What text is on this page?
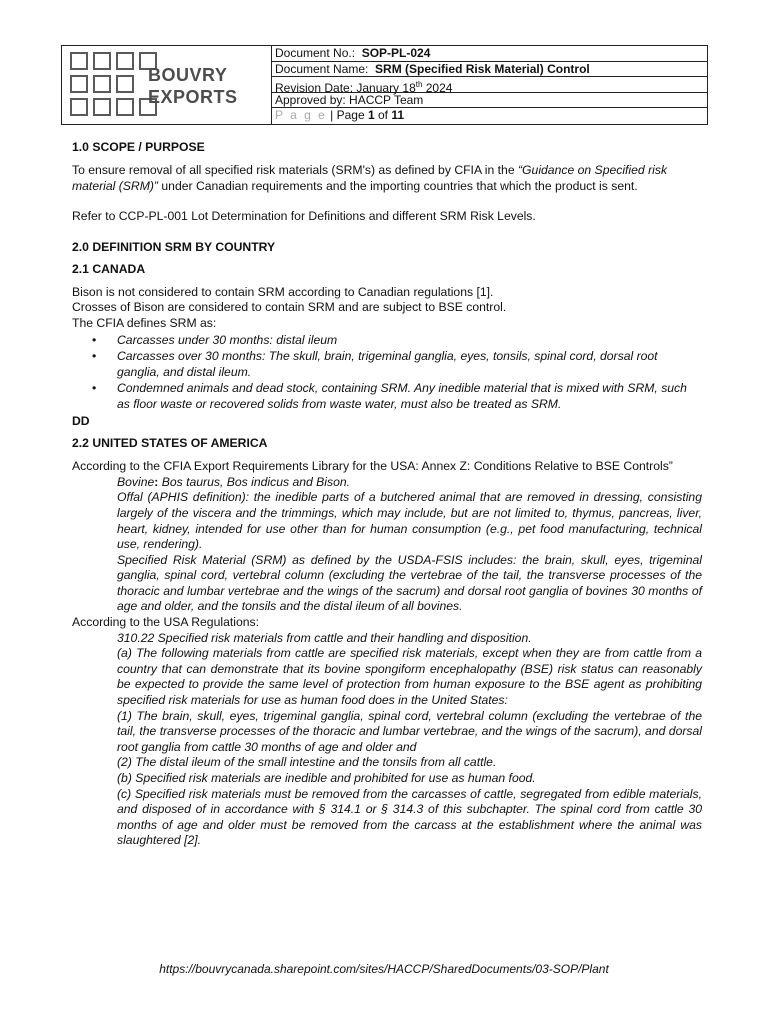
BOUVRY
EXPORTS
Document No.: SOP-PL-024
Document Name: SRM (Specified Risk Material) Control
Revision Date: January 18th 2024
Approved by: HACCP Team
P a g e | Page 1 of 11
1.0 SCOPE / PURPOSE

To ensure removal of all specified risk materials (SRM's) as defined by CFIA in the “Guidance on Specified risk material (SRM)” under Canadian requirements and the importing countries that which the product is sent.

Refer to CCP-PL-001 Lot Determination for Definitions and different SRM Risk Levels.

2.0 DEFINITION SRM BY COUNTRY
2.1 CANADA

Bison is not considered to contain SRM according to Canadian regulations [1].

Crosses of Bison are considered to contain SRM and are subject to BSE control.

The CFIA defines SRM as:

• Carcasses under 30 months: distal ileum
• Carcasses over 30 months: The skull, brain, trigeminal ganglia, eyes, tonsils, spinal cord, dorsal root ganglia, and distal ileum.
• Condemned animals and dead stock, containing SRM. Any inedible material that is mixed with SRM, such as floor waste or recovered solids from waste water, must also be treated as SRM.

DD

2.2 UNITED STATES OF AMERICA

According to the CFIA Export Requirements Library for the USA: Annex Z: Conditions Relative to BSE Controls”

Bovine: Bos taurus, Bos indicus and Bison.

Offal (APHIS definition): the inedible parts of a butchered animal that are removed in dressing, consisting largely of the viscera and the trimmings, which may include, but are not limited to, thymus, pancreas, liver, heart, kidney, intended for use other than for human consumption (e.g., pet food manufacturing, technical use, rendering).

Specified Risk Material (SRM) as defined by the USDA-FSIS includes: the brain, skull, eyes, trigeminal ganglia, spinal cord, vertebral column (excluding the vertebrae of the tail, the transverse processes of the thoracic and lumbar vertebrae and the wings of the sacrum) and dorsal root ganglia of bovines 30 months of age and older, and the tonsils and the distal ileum of all bovines.

According to the USA Regulations:

310.22 Specified risk materials from cattle and their handling and disposition.

(a) The following materials from cattle are specified risk materials, except when they are from cattle from a country that can demonstrate that its bovine spongiform encephalopathy (BSE) risk status can reasonably be expected to provide the same level of protection from human exposure to the BSE agent as prohibiting specified risk materials for use as human food does in the United States:

(1) The brain, skull, eyes, trigeminal ganglia, spinal cord, vertebral column (excluding the vertebrae of the tail, the transverse processes of the thoracic and lumbar vertebrae, and the wings of the sacrum), and dorsal root ganglia from cattle 30 months of age and older and

(2) The distal ileum of the small intestine and the tonsils from all cattle.

(b) Specified risk materials are inedible and prohibited for use as human food.

(c) Specified risk materials must be removed from the carcasses of cattle, segregated from edible materials, and disposed of in accordance with § 314.1 or § 314.3 of this subchapter. The spinal cord from cattle 30 months of age and older must be removed from the carcass at the establishment where the animal was slaughtered [2].

https://bouvrycanada.sharepoint.com/sites/HACCP/SharedDocuments/03-SOP/Plant
